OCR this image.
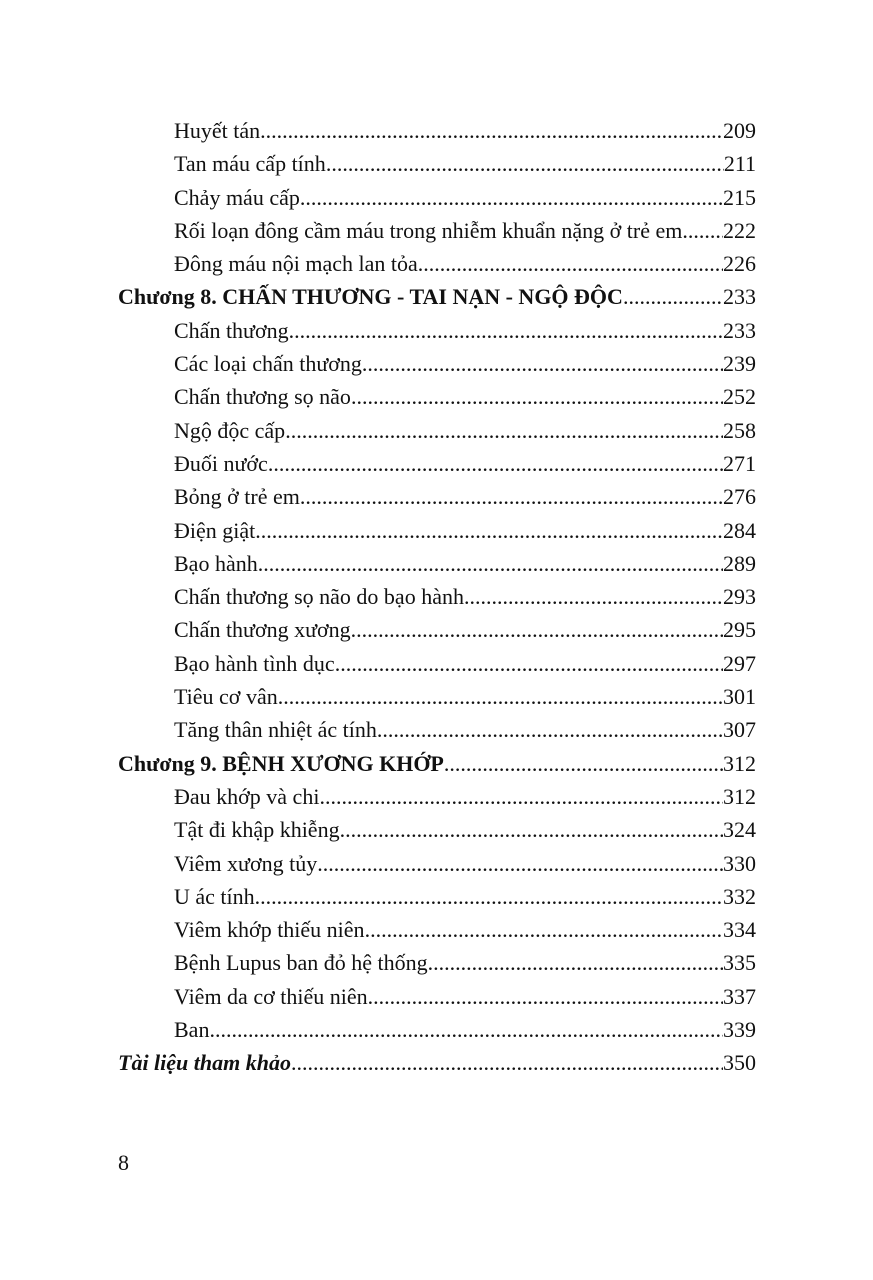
Huyết tán .....	209
Tan máu cấp tính .....	211
Chảy máu cấp .....	215
Rối loạn đông cầm máu trong nhiễm khuẩn nặng ở trẻ em ..... 222
Đông máu nội mạch lan tỏa .....	226
Chương 8. CHẤN THƯƠNG - TAI NẠN - NGỘ ĐỘC .....	233
Chấn thương .....	233
Các loại chấn thương .....	239
Chấn thương sọ não .....	252
Ngộ độc cấp .....	258
Đuối nước .....	271
Bỏng ở trẻ em .....	276
Điện giật .....	284
Bạo hành .....	289
Chấn thương sọ não do bạo hành .....	293
Chấn thương xương .....	295
Bạo hành tình dục .....	297
Tiêu cơ vân .....	301
Tăng thân nhiệt ác tính .....	307
Chương 9. BỆNH XƯƠNG KHỚP .....	312
Đau khớp và chi .....	312
Tật đi khập khiễng .....	324
Viêm xương tủy .....	330
U ác tính .....	332
Viêm khớp thiếu niên .....	334
Bệnh Lupus ban đỏ hệ thống .....	335
Viêm da cơ thiếu niên .....	337
Ban .....	339
Tài liệu tham khảo .....	350
8
